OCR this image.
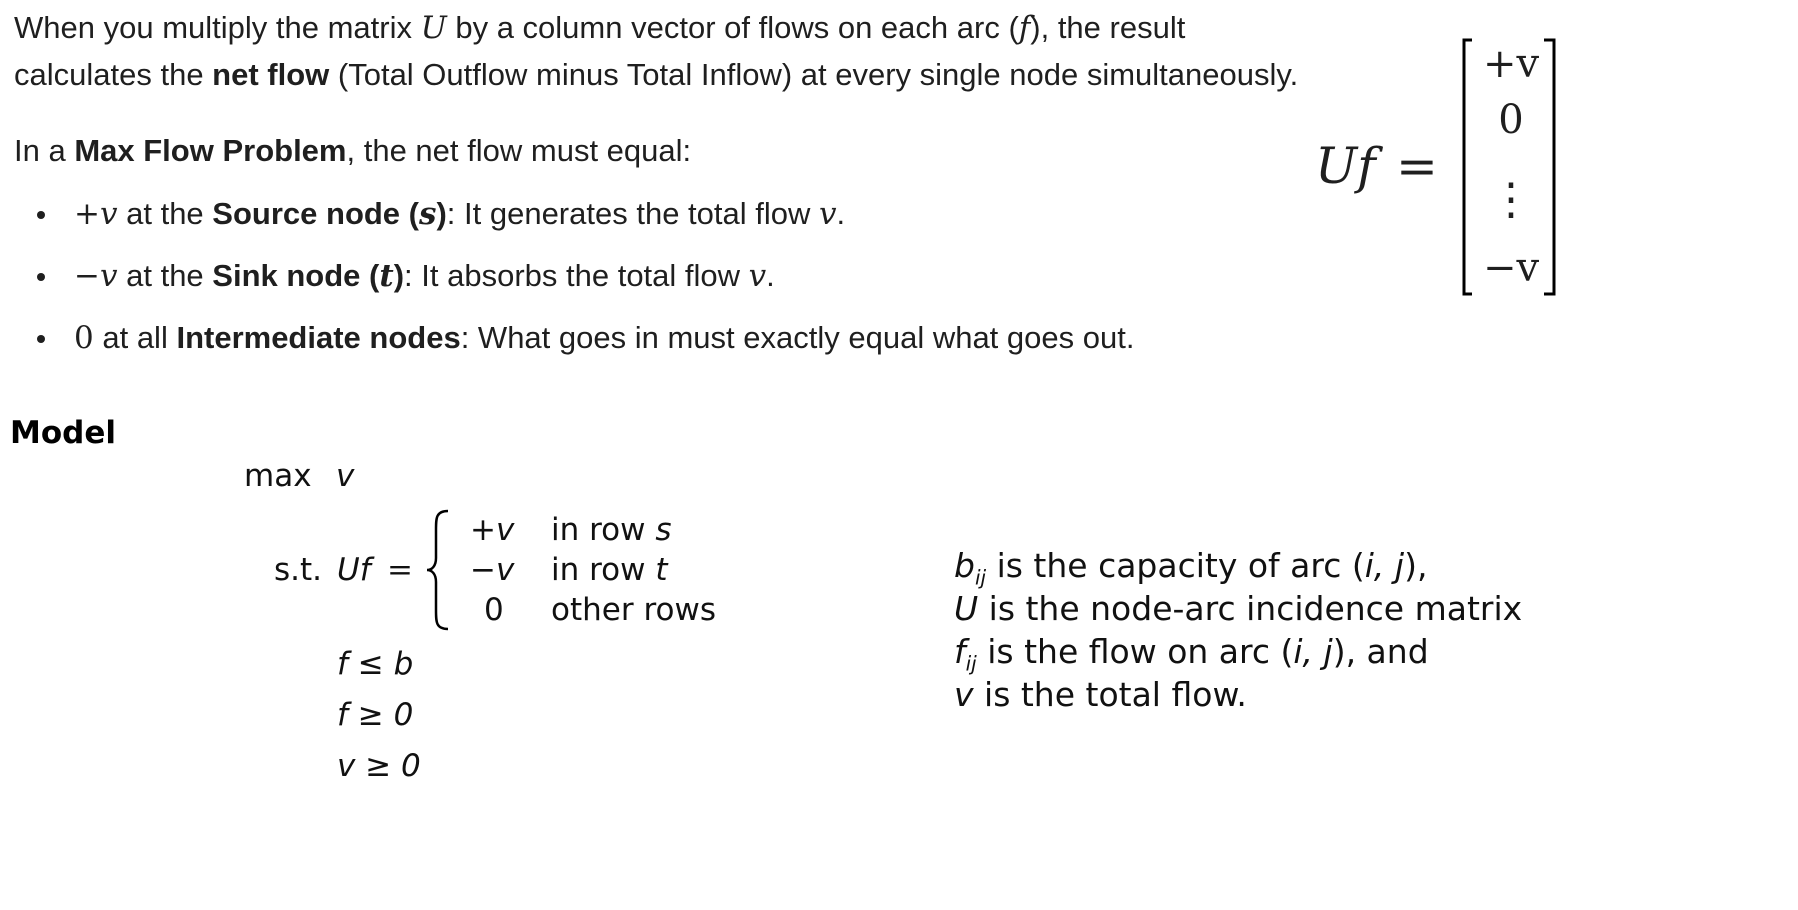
When you multiply the matrix U by a column vector of flows on each arc (f), the result
calculates the net flow (Total Outflow minus Total Inflow) at every single node simultaneously.
In a Max Flow Problem, the net flow must equal:
+v at the Source node (s): It generates the total flow v.
−v at the Sink node (t): It absorbs the total flow v.
0 at all Intermediate nodes: What goes in must exactly equal what goes out.
Uf =
+v
0
⋮
−v
Model
max v
s.t. Uf =
+v
−v
0
in row s
in row t
other rows
f ≤ b
f ≥ 0
v ≥ 0
$b_{ij}$ is the capacity of arc (i, j),
U is the node-arc incidence matrix
$f_{ij}$ is the flow on arc (i, j), and
v is the total flow.
